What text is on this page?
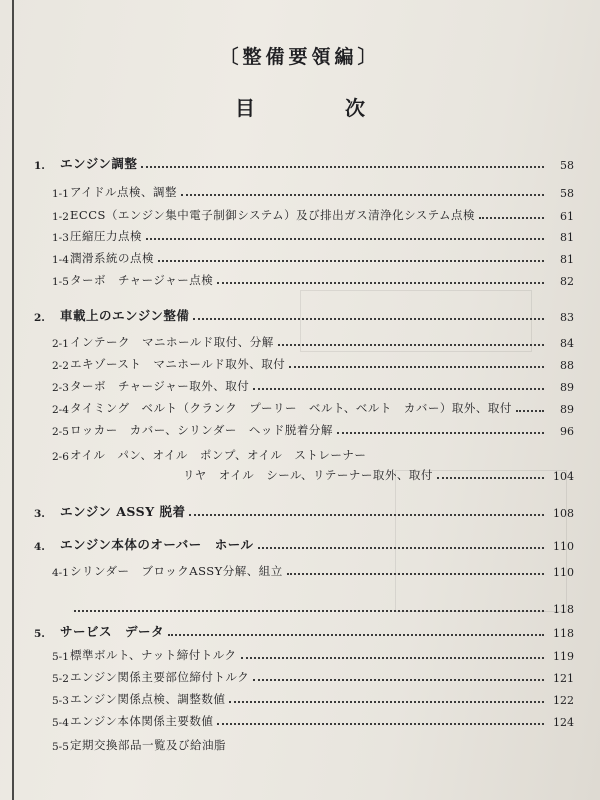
〔整備要領編〕
目	次
1.	エンジン調整	58
1-1 アイドル点検、調整	58
1-2 ECCS（エンジン集中電子制御システム）及び排出ガス清浄化システム点検	61
1-3 圧縮圧力点検	81
1-4 潤滑系統の点検	81
1-5 ターボ　チャージャー点検	82
2.	車載上のエンジン整備	83
2-1 インテーク　マニホールド取付、分解	84
2-2 エキゾースト　マニホールド取外、取付	88
2-3 ターボ　チャージャー取外、取付	89
2-4 タイミング　ベルト（クランク　プーリー　ベルト、ベルト　カバー）取外、取付	89
2-5 ロッカー　カバー、シリンダー　ヘッド脱着分解	96
2-6 オイル　パン、オイル　ポンプ、オイル　ストレーナー
リヤ　オイル　シール、リテーナー取外、取付	104
3.	エンジン ASSY 脱着	108
4.	エンジン本体のオーバー　ホール	110
4-1 シリンダー　ブロックASSY分解、組立	110
118
5.	サービス　データ	118
5-1 標準ボルト、ナット締付トルク	119
5-2 エンジン関係主要部位締付トルク	121
5-3 エンジン関係点検、調整数値	122
5-4 エンジン本体関係主要数値	124
5-5 定期交換部品一覧及び給油脂
